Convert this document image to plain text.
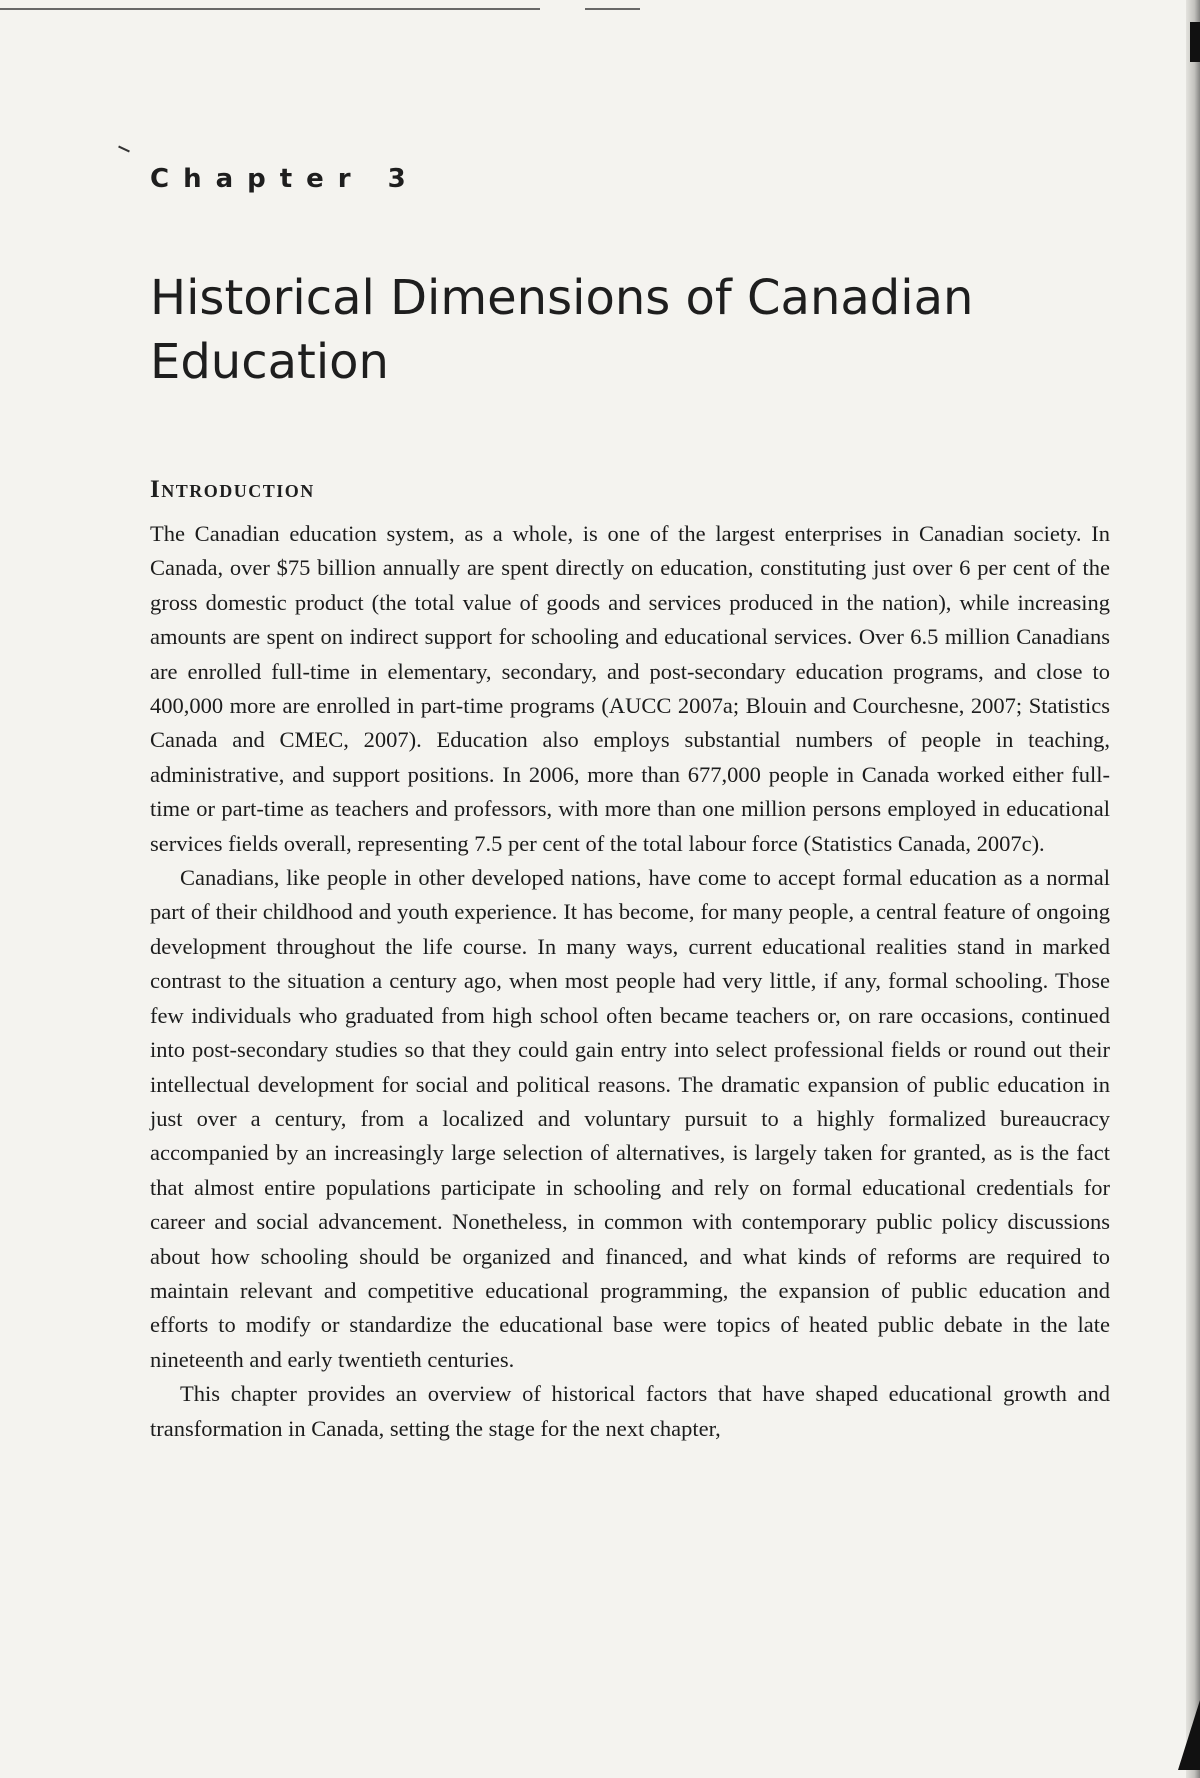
Chapter 3
Historical Dimensions of Canadian Education
Introduction

The Canadian education system, as a whole, is one of the largest enterprises in Canadian society. In Canada, over $75 billion annually are spent directly on education, constituting just over 6 per cent of the gross domestic product (the total value of goods and services produced in the nation), while increasing amounts are spent on indirect support for schooling and educational services. Over 6.5 million Canadians are enrolled full-time in elementary, secondary, and post-secondary education programs, and close to 400,000 more are enrolled in part-time programs (AUCC 2007a; Blouin and Courchesne, 2007; Statistics Canada and CMEC, 2007). Education also employs substantial numbers of people in teaching, administrative, and support positions. In 2006, more than 677,000 people in Canada worked either full-time or part-time as teachers and professors, with more than one million persons employed in educational services fields overall, representing 7.5 per cent of the total labour force (Statistics Canada, 2007c).

Canadians, like people in other developed nations, have come to accept formal education as a normal part of their childhood and youth experience. It has become, for many people, a central feature of ongoing development throughout the life course. In many ways, current educational realities stand in marked contrast to the situation a century ago, when most people had very little, if any, formal schooling. Those few individuals who graduated from high school often became teachers or, on rare occasions, continued into post-secondary studies so that they could gain entry into select professional fields or round out their intellectual development for social and political reasons. The dramatic expansion of public education in just over a century, from a localized and voluntary pursuit to a highly formalized bureaucracy accompanied by an increasingly large selection of alternatives, is largely taken for granted, as is the fact that almost entire populations participate in schooling and rely on formal educational credentials for career and social advancement. Nonetheless, in common with contemporary public policy discussions about how schooling should be organized and financed, and what kinds of reforms are required to maintain relevant and competitive educational programming, the expansion of public education and efforts to modify or standardize the educational base were topics of heated public debate in the late nineteenth and early twentieth centuries.

This chapter provides an overview of historical factors that have shaped educational growth and transformation in Canada, setting the stage for the next chapter,
